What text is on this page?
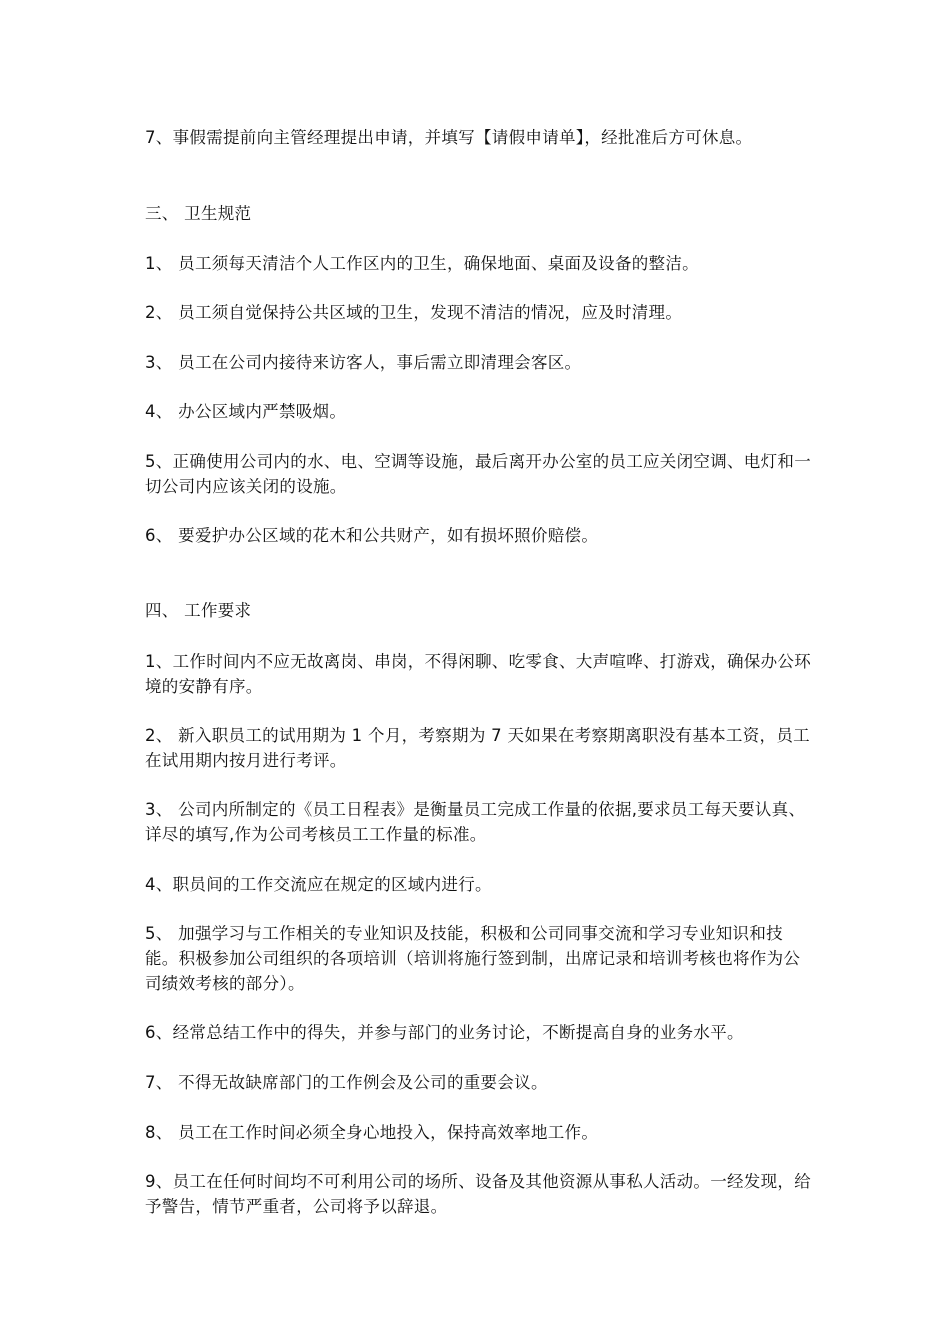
7、事假需提前向主管经理提出申请，并填写【请假申请单】，经批准后方可休息。

三、 卫生规范

1、 员工须每天清洁个人工作区内的卫生，确保地面、桌面及设备的整洁。

2、 员工须自觉保持公共区域的卫生，发现不清洁的情况，应及时清理。

3、 员工在公司内接待来访客人，事后需立即清理会客区。

4、 办公区域内严禁吸烟。

5、正确使用公司内的水、电、空调等设施，最后离开办公室的员工应关闭空调、电灯和一切公司内应该关闭的设施。

6、 要爱护办公区域的花木和公共财产，如有损坏照价赔偿。

四、 工作要求

1、工作时间内不应无故离岗、串岗，不得闲聊、吃零食、大声喧哗、打游戏，确保办公环境的安静有序。

2、 新入职员工的试用期为 1 个月，考察期为 7 天如果在考察期离职没有基本工资，员工在试用期内按月进行考评。

3、 公司内所制定的《员工日程表》是衡量员工完成工作量的依据,要求员工每天要认真、详尽的填写,作为公司考核员工工作量的标准。

4、职员间的工作交流应在规定的区域内进行。

5、 加强学习与工作相关的专业知识及技能，积极和公司同事交流和学习专业知识和技能。积极参加公司组织的各项培训（培训将施行签到制，出席记录和培训考核也将作为公司绩效考核的部分）。

6、经常总结工作中的得失，并参与部门的业务讨论，不断提高自身的业务水平。

7、 不得无故缺席部门的工作例会及公司的重要会议。

8、 员工在工作时间必须全身心地投入，保持高效率地工作。

9、员工在任何时间均不可利用公司的场所、设备及其他资源从事私人活动。一经发现，给予警告，情节严重者，公司将予以辞退。
